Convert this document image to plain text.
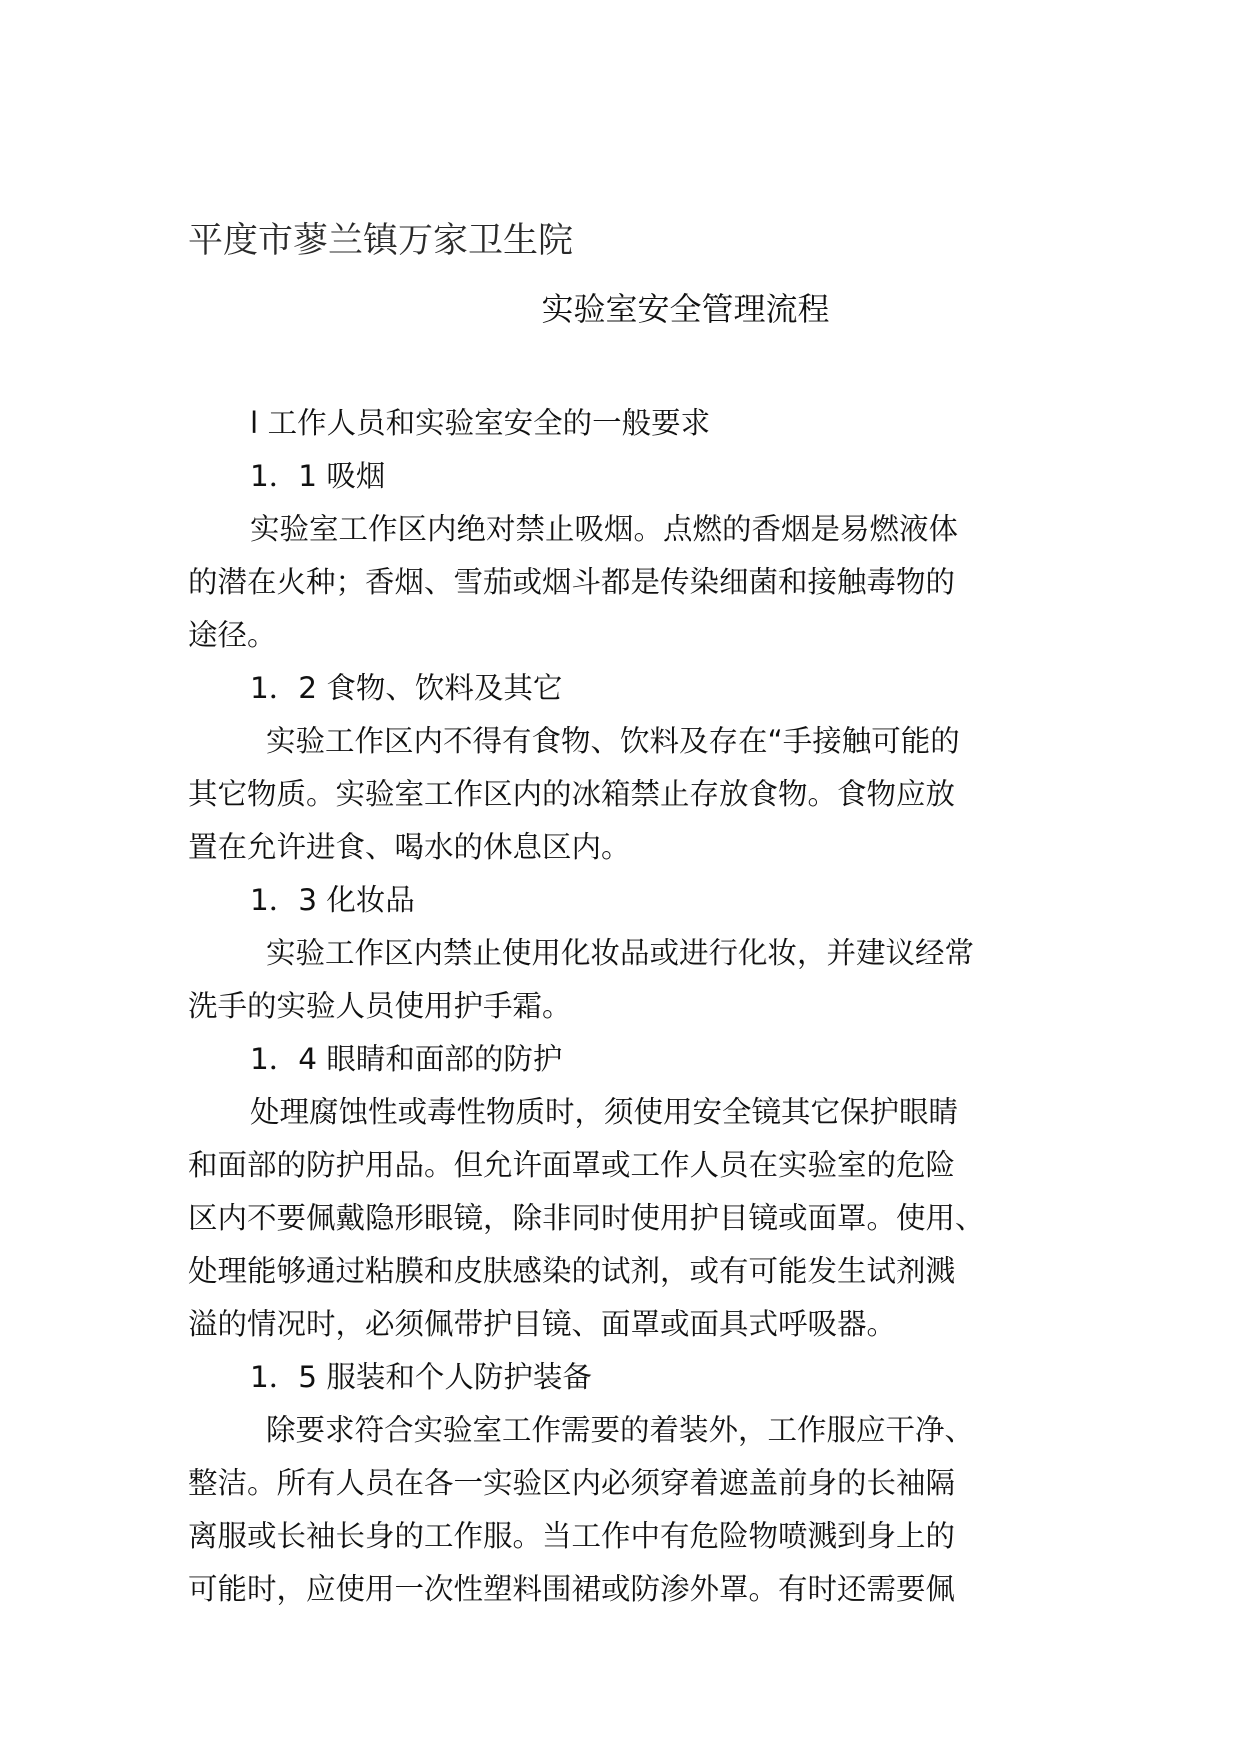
平度市蓼兰镇万家卫生院
实验室安全管理流程
l 工作人员和实验室安全的一般要求
1．1 吸烟
实验室工作区内绝对禁止吸烟。点燃的香烟是易燃液体
的潜在火种；香烟、雪茄或烟斗都是传染细菌和接触毒物的
途径。
1．2 食物、饮料及其它
实验工作区内不得有食物、饮料及存在“手接触可能的
其它物质。实验室工作区内的冰箱禁止存放食物。食物应放
置在允许进食、喝水的休息区内。
1．3 化妆品
实验工作区内禁止使用化妆品或进行化妆，并建议经常
洗手的实验人员使用护手霜。
1．4 眼睛和面部的防护
处理腐蚀性或毒性物质时，须使用安全镜其它保护眼睛
和面部的防护用品。但允许面罩或工作人员在实验室的危险
区内不要佩戴隐形眼镜，除非同时使用护目镜或面罩。使用、
处理能够通过粘膜和皮肤感染的试剂，或有可能发生试剂溅
溢的情况时，必须佩带护目镜、面罩或面具式呼吸器。
1．5 服装和个人防护装备
除要求符合实验室工作需要的着装外，工作服应干净、
整洁。所有人员在各一实验区内必须穿着遮盖前身的长袖隔
离服或长袖长身的工作服。当工作中有危险物喷溅到身上的
可能时，应使用一次性塑料围裙或防渗外罩。有时还需要佩
